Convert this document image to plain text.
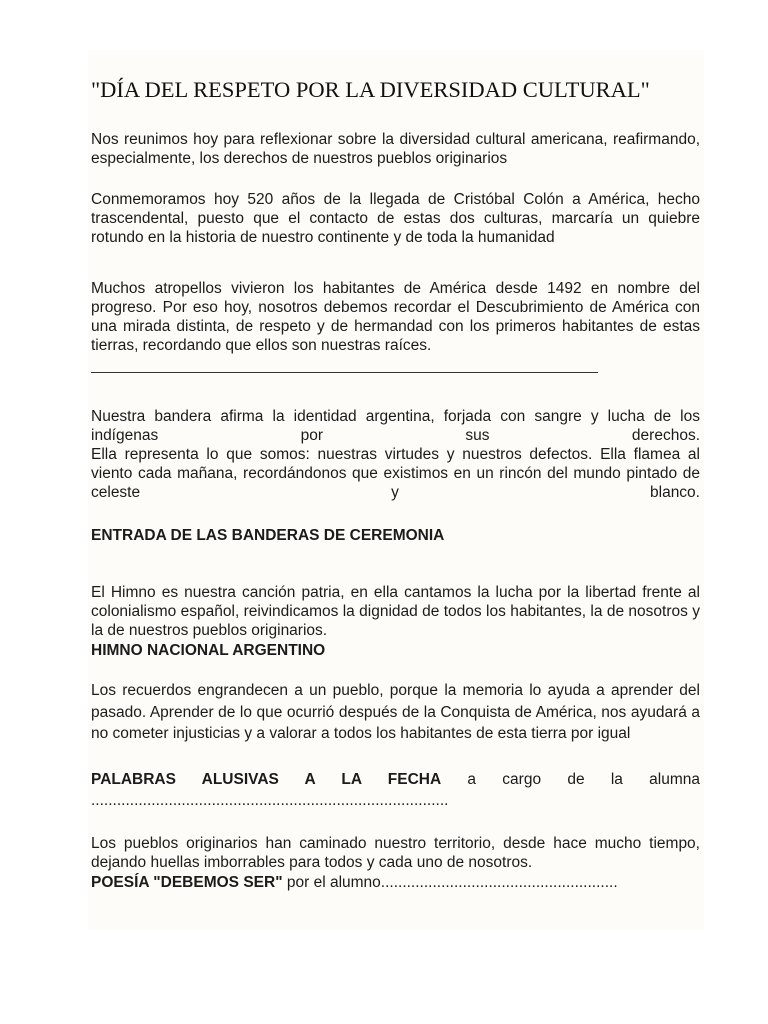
"DÍA DEL RESPETO POR LA DIVERSIDAD CULTURAL"

Nos reunimos hoy para reflexionar sobre la diversidad cultural americana, reafirmando, especialmente, los derechos de nuestros pueblos originarios

Conmemoramos hoy 520 años de la llegada de Cristóbal Colón a América, hecho trascendental, puesto que el contacto de estas dos culturas, marcaría un quiebre rotundo en la historia de nuestro continente y de toda la humanidad

Muchos atropellos vivieron los habitantes de América desde 1492 en nombre del progreso. Por eso hoy, nosotros debemos recordar el Descubrimiento de América con una mirada distinta, de respeto y de hermandad con los primeros habitantes de estas tierras, recordando que ellos son nuestras raíces.

Nuestra bandera afirma la identidad argentina, forjada con sangre y lucha de los indígenas por sus derechos.

Ella representa lo que somos: nuestras virtudes y nuestros defectos. Ella flamea al viento cada mañana, recordándonos que existimos en un rincón del mundo pintado de celeste y blanco.

ENTRADA DE LAS BANDERAS DE CEREMONIA

El Himno es nuestra canción patria, en ella cantamos la lucha por la libertad frente al colonialismo español, reivindicamos la dignidad de todos los habitantes, la de nosotros y la de nuestros pueblos originarios.

HIMNO NACIONAL ARGENTINO

Los recuerdos engrandecen a un pueblo, porque la memoria lo ayuda a aprender del pasado. Aprender de lo que ocurrió después de la Conquista de América, nos ayudará a no cometer injusticias y a valorar a todos los habitantes de esta tierra por igual

PALABRAS ALUSIVAS A LA FECHA a cargo de la alumna

...................................................................................

Los pueblos originarios han caminado nuestro territorio, desde hace mucho tiempo, dejando huellas imborrables para todos y cada uno de nosotros.

POESÍA "DEBEMOS SER" por el alumno.......................................................
